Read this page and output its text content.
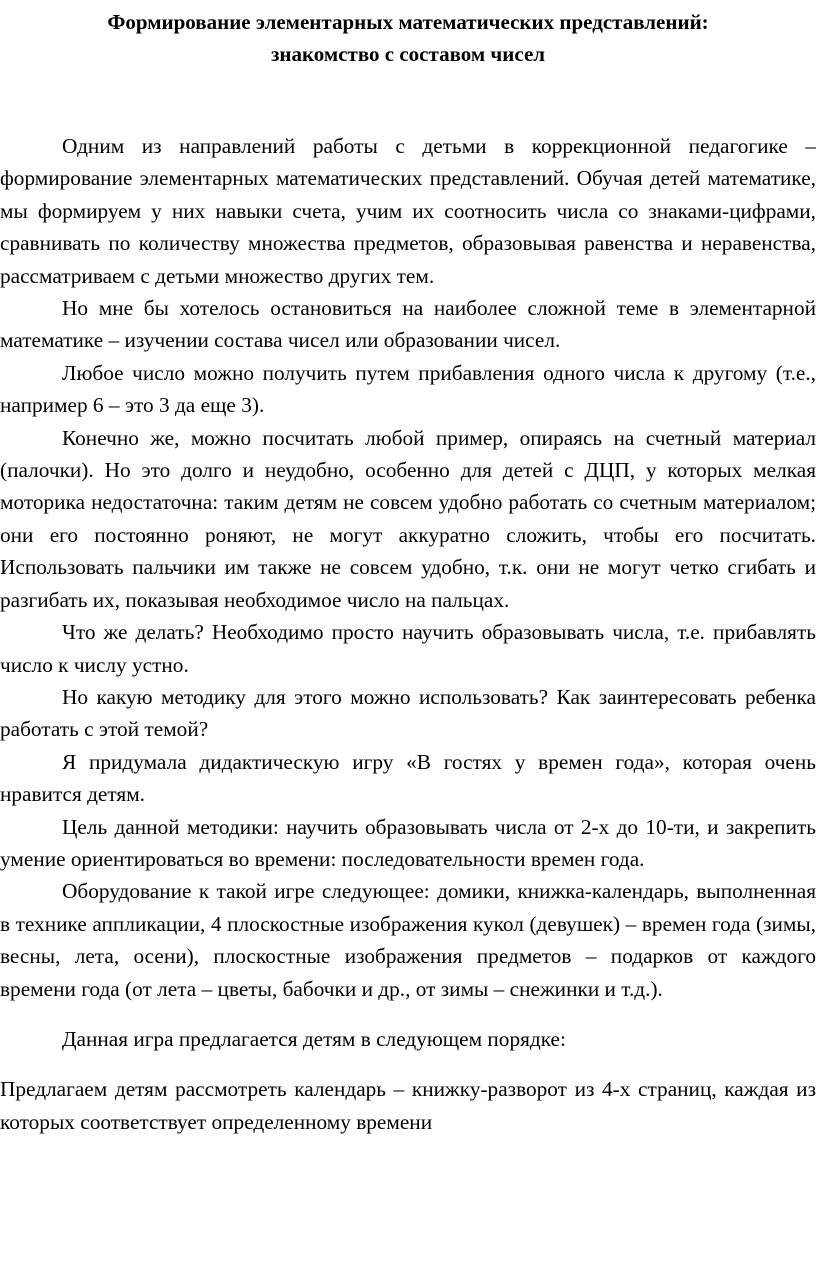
Формирование элементарных математических представлений:
знакомство с составом чисел

Одним из направлений работы с детьми в коррекционной педагогике – формирование элементарных математических представлений. Обучая детей математике, мы формируем у них навыки счета, учим их соотносить числа со знаками-цифрами, сравнивать по количеству множества предметов, образовывая равенства и неравенства, рассматриваем с детьми множество других тем.

Но мне бы хотелось остановиться на наиболее сложной теме в элементарной математике – изучении состава чисел или образовании чисел.

Любое число можно получить путем прибавления одного числа к другому (т.е., например 6 – это 3 да еще 3).

Конечно же, можно посчитать любой пример, опираясь на счетный материал (палочки). Но это долго и неудобно, особенно для детей с ДЦП, у которых мелкая моторика недостаточна: таким детям не совсем удобно работать со счетным материалом; они его постоянно роняют, не могут аккуратно сложить, чтобы его посчитать. Использовать пальчики им также не совсем удобно, т.к. они не могут четко сгибать и разгибать их, показывая необходимое число на пальцах.

Что же делать? Необходимо просто научить образовывать числа, т.е. прибавлять число к числу устно.

Но какую методику для этого можно использовать? Как заинтересовать ребенка работать с этой темой?

Я придумала дидактическую игру «В гостях у времен года», которая очень нравится детям.

Цель данной методики: научить образовывать числа от 2-х до 10-ти, и закрепить умение ориентироваться во времени: последовательности времен года.

Оборудование к такой игре следующее: домики, книжка-календарь, выполненная в технике аппликации, 4 плоскостные изображения кукол (девушек) – времен года (зимы, весны, лета, осени), плоскостные изображения предметов – подарков от каждого времени года (от лета – цветы, бабочки и др., от зимы – снежинки и т.д.).

Данная игра предлагается детям в следующем порядке:

Предлагаем детям рассмотреть календарь – книжку-разворот из 4-х страниц, каждая из которых соответствует определенному времени
